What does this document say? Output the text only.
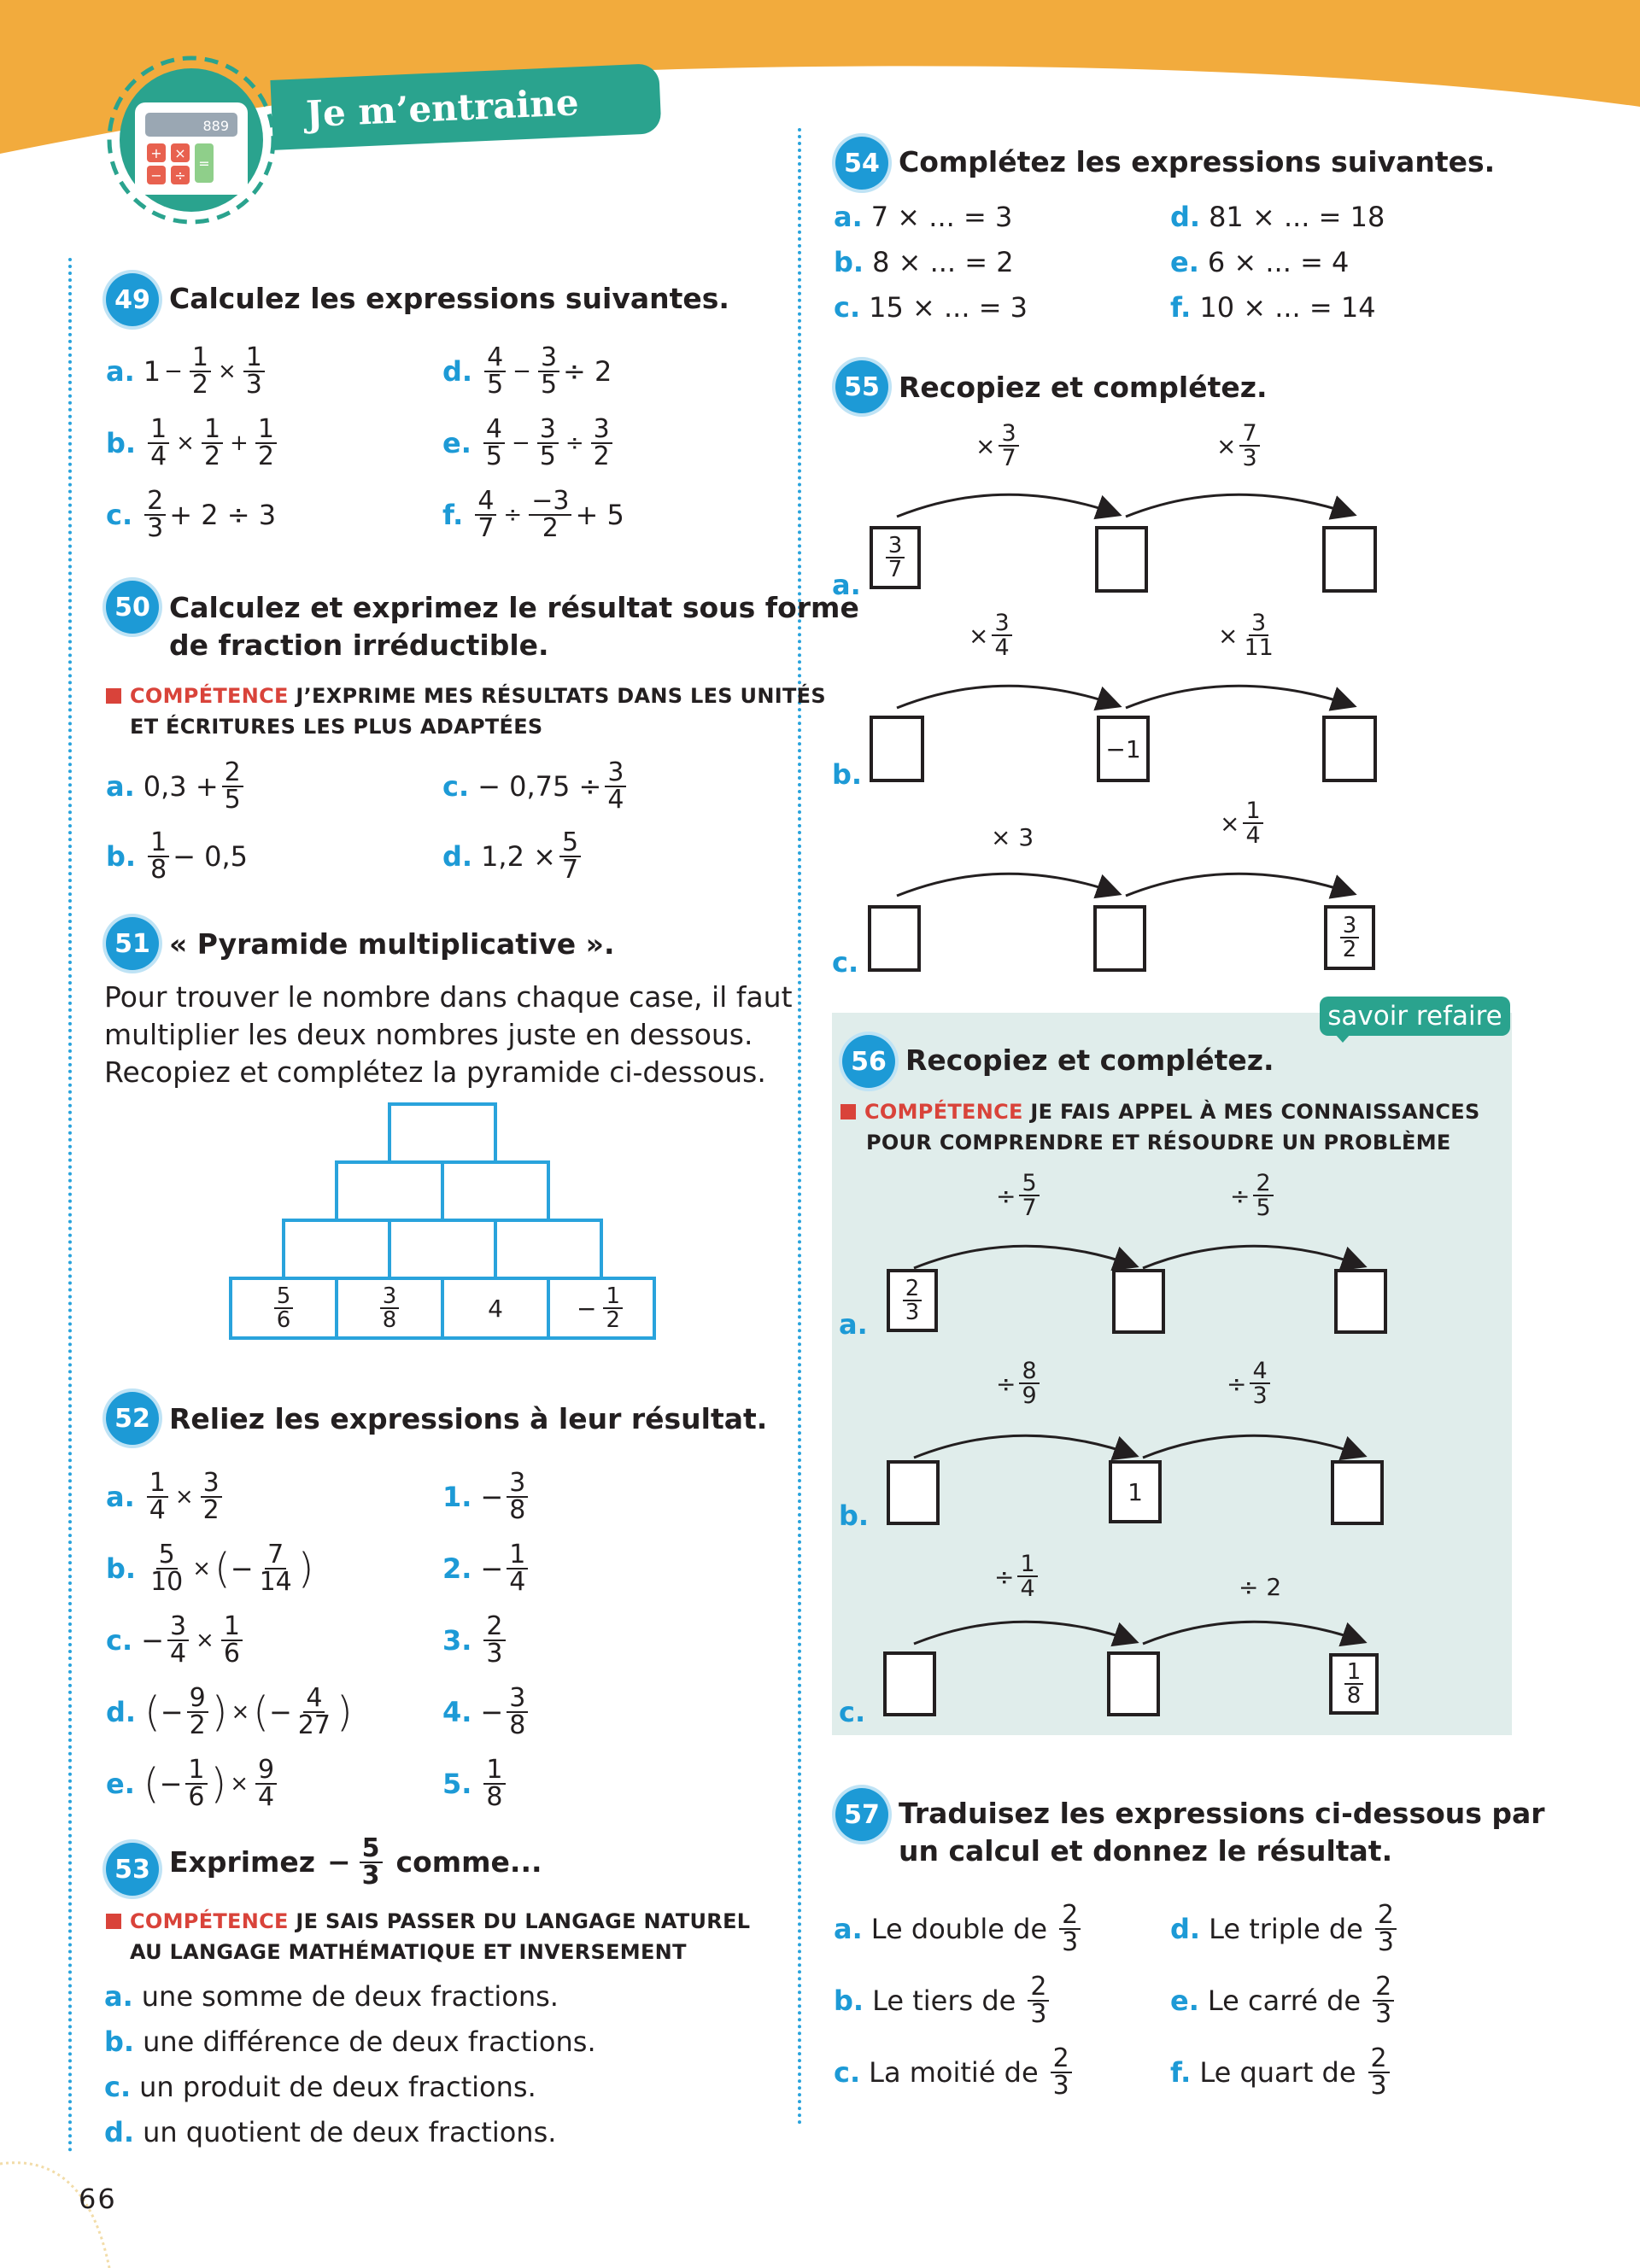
889
+ ×
− ÷
=
Je m’entraine
49 Calculez les expressions suivantes.
a. $1 - \frac{1}{2} \times \frac{1}{3}$
b. $\frac{1}{4} \times \frac{1}{2} + \frac{1}{2}$
c. $\frac{2}{3} + 2 \div 3$
d. $\frac{4}{5} - \frac{3}{5} \div 2$
e. $\frac{4}{5} - \frac{3}{5} \div \frac{3}{2}$
f. $\frac{4}{7} \div \frac{-3}{2} + 5$
50 Calculez et exprimez le résultat sous forme
de fraction irréductible.
COMPÉTENCE J’EXPRIME MES RÉSULTATS DANS LES UNITÉS
ET ÉCRITURES LES PLUS ADAPTÉES
a. $0,3 + \frac{2}{5}$
b. $\frac{1}{8} - 0,5$
c. − $0,75 \div \frac{3}{4}$
d. $1,2 \times \frac{5}{7}$
51 « Pyramide multiplicative ».
Pour trouver le nombre dans chaque case, il faut
multiplier les deux nombres juste en dessous.
Recopiez et complétez la pyramide ci-dessous.
$\frac{5}{6}$	$\frac{3}{8}$	4	− $\frac{1}{2}$
52 Reliez les expressions à leur résultat.
a. $\frac{1}{4} \times \frac{3}{2}$
b. $\frac{5}{10}$ × ( − $\frac{7}{14}$ )
c. − $\frac{3}{4} \times \frac{1}{6}$
d. ( − $\frac{9}{2}$ ) × ( − $\frac{4}{27}$ )
e. ( − $\frac{1}{6}$ ) × $\frac{9}{4}$
1. − $\frac{3}{8}$
2. − $\frac{1}{4}$
3. $\frac{2}{3}$
4. − $\frac{3}{8}$
5. $\frac{1}{8}$
53 Exprimez − $\frac{5}{3}$ comme...
COMPÉTENCE JE SAIS PASSER DU LANGAGE NATUREL
AU LANGAGE MATHÉMATIQUE ET INVERSEMENT
a. une somme de deux fractions.
b. une différence de deux fractions.
c. un produit de deux fractions.
d. un quotient de deux fractions.
54 Complétez les expressions suivantes.
a. 7 × ... = 3
b. 8 × ... = 2
c. 15 × ... = 3
d. 81 × ... = 18
e. 6 × ... = 4
f. 10 × ... = 14
55 Recopiez et complétez.
× $\frac{3}{7}$	× $\frac{7}{3}$
$\frac{3}{7}$
a.
× $\frac{3}{4}$	× $\frac{3}{11}$
−1
b.
× 3	× $\frac{1}{4}$
$\frac{3}{2}$
c.
savoir refaire
56 Recopiez et complétez.
COMPÉTENCE JE FAIS APPEL À MES CONNAISSANCES
POUR COMPRENDRE ET RÉSOUDRE UN PROBLÈME
÷ $\frac{5}{7}$	÷ $\frac{2}{5}$
$\frac{2}{3}$
a.
÷ $\frac{8}{9}$	÷ $\frac{4}{3}$
1
b.
÷ $\frac{1}{4}$	÷ 2
$\frac{1}{8}$
c.
57 Traduisez les expressions ci-dessous par
un calcul et donnez le résultat.
a. Le double de $\frac{2}{3}$
b. Le tiers de $\frac{2}{3}$
c. La moitié de $\frac{2}{3}$
d. Le triple de $\frac{2}{3}$
e. Le carré de $\frac{2}{3}$
f. Le quart de $\frac{2}{3}$
66
